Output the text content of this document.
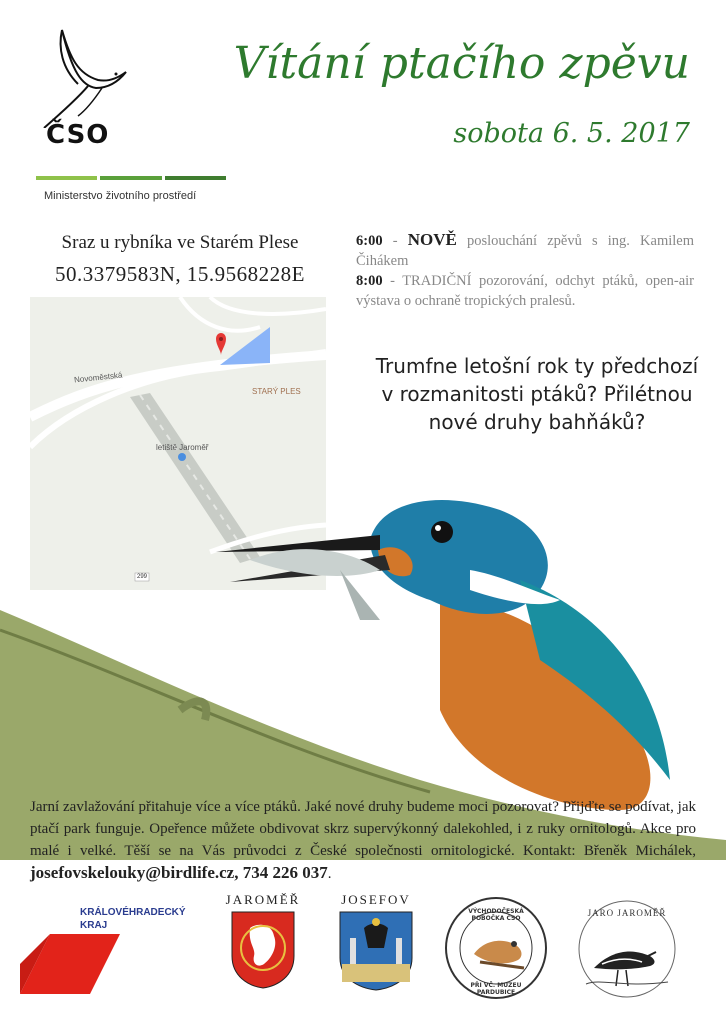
ČSO
Ministerstvo životního prostředí
Vítání ptačího zpěvu
sobota 6. 5. 2017
Sraz u rybníka ve Starém Plese
50.3379583N, 15.9568228E
Novoměstská
STARÝ PLES
letiště Jaroměř
299
6:00 - NOVĚ poslouchání zpěvů s ing. Kamilem Čihákem
8:00 - TRADIČNÍ pozorování, odchyt ptáků, open-air výstava o ochraně tropických pralesů.
Trumfne letošní rok ty předchozí v rozmanitosti ptáků? Přilétnou nové druhy bahňáků?
Jarní zavlažování přitahuje více a více ptáků. Jaké nové druhy budeme moci pozorovat? Přijďte se podívat, jak ptačí park funguje. Opeřence můžete obdivovat skrz supervýkonný dalekohled, i z ruky ornitologů. Akce pro malé i velké. Těší se na Vás průvodci z České společnosti ornitologické. Kontakt: Břeněk Michálek, josefovskelouky@birdlife.cz, 734 226 037.
KRÁLOVÉHRADECKÝ
KRAJ
JAROMĚŘ	JOSEFOV
VÝCHODOČESKÁ POBOČKA ČSO
PŘI VČ. MUZEU PARDUBICE
JARO JAROMĚŘ
